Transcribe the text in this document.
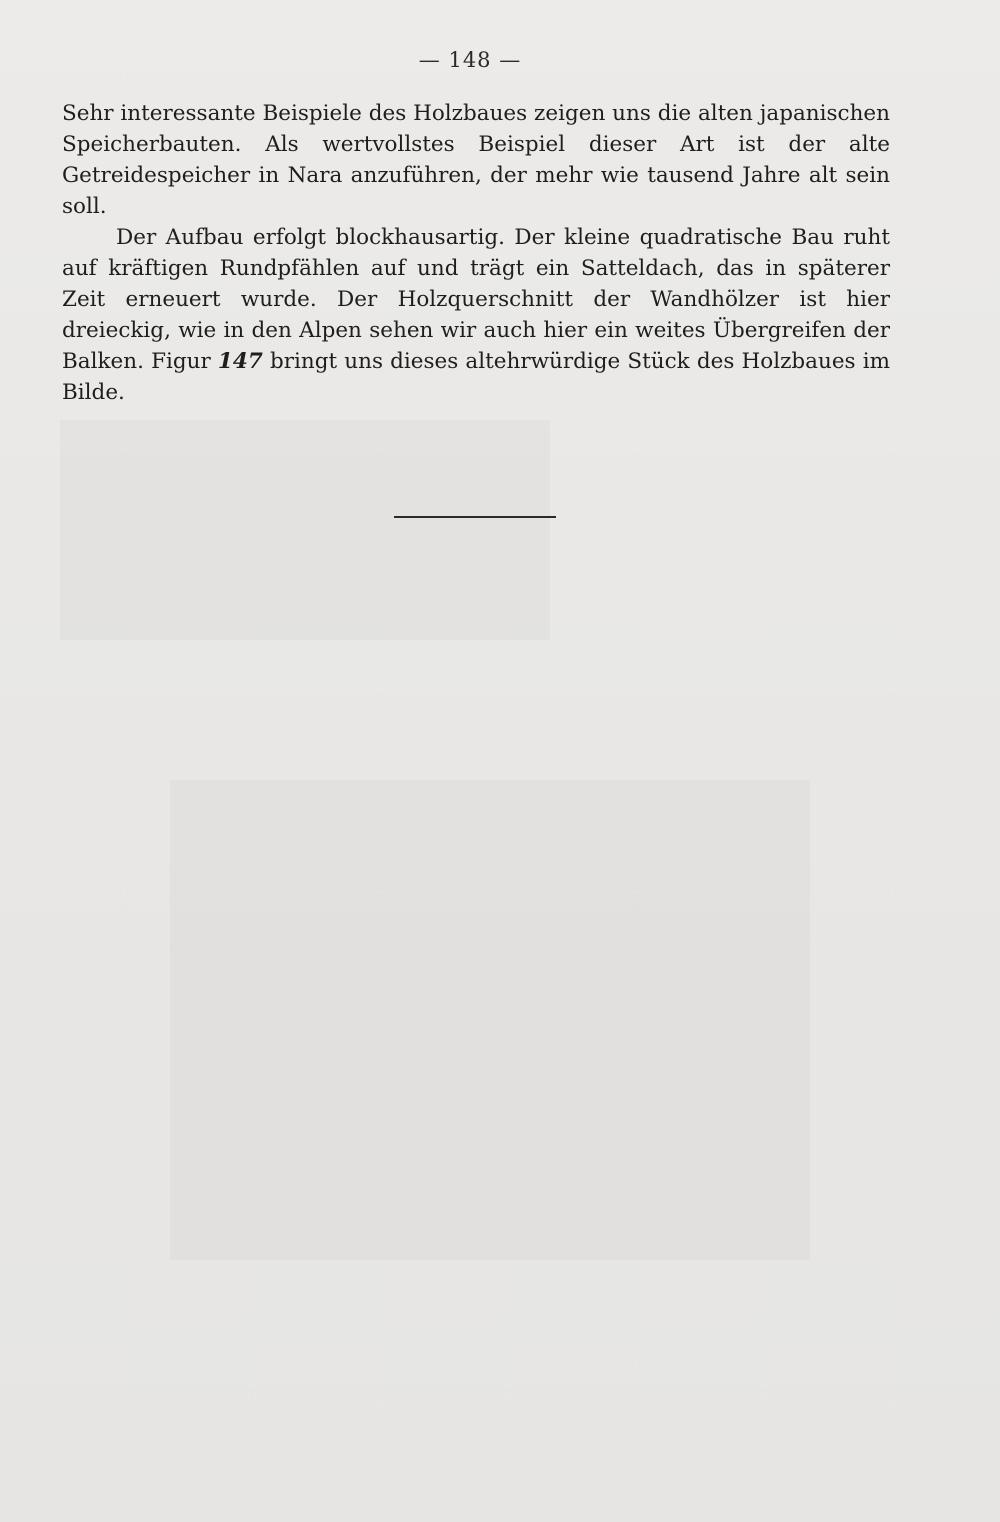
— 148 —

Sehr interessante Beispiele des Holzbaues zeigen uns die alten japanischen Speicherbauten. Als wertvollstes Beispiel dieser Art ist der alte Getreidespeicher in Nara anzuführen, der mehr wie tausend Jahre alt sein soll.

Der Aufbau erfolgt blockhausartig. Der kleine quadratische Bau ruht auf kräftigen Rundpfählen auf und trägt ein Satteldach, das in späterer Zeit erneuert wurde. Der Holzquerschnitt der Wandhölzer ist hier dreieckig, wie in den Alpen sehen wir auch hier ein weites Übergreifen der Balken. Figur 147 bringt uns dieses altehrwürdige Stück des Holzbaues im Bilde.
